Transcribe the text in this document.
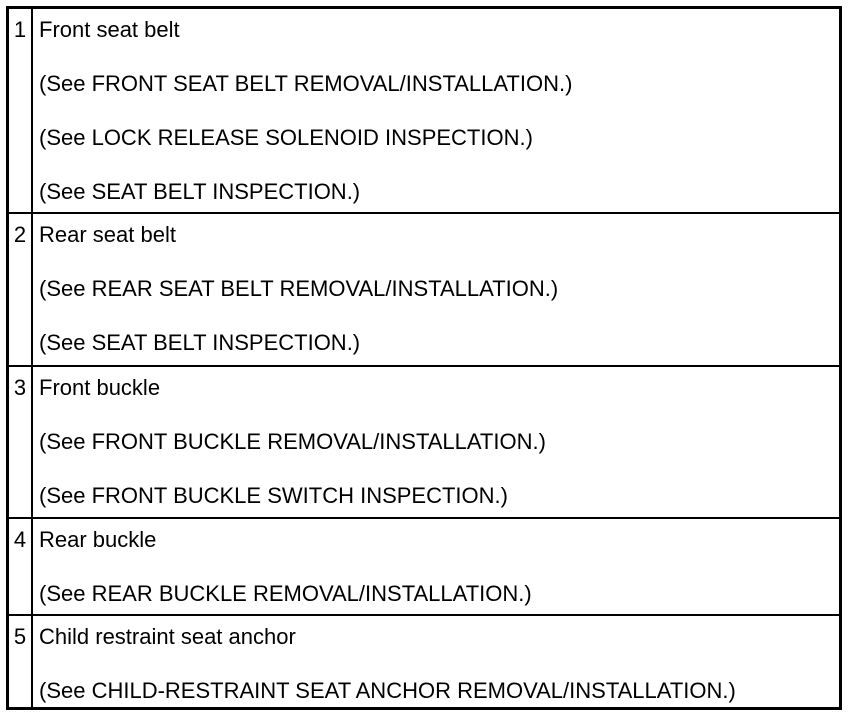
1 Front seat belt
(See FRONT SEAT BELT REMOVAL/INSTALLATION.)
(See LOCK RELEASE SOLENOID INSPECTION.)
(See SEAT BELT INSPECTION.)
2 Rear seat belt
(See REAR SEAT BELT REMOVAL/INSTALLATION.)
(See SEAT BELT INSPECTION.)
3 Front buckle
(See FRONT BUCKLE REMOVAL/INSTALLATION.)
(See FRONT BUCKLE SWITCH INSPECTION.)
4 Rear buckle
(See REAR BUCKLE REMOVAL/INSTALLATION.)
5 Child restraint seat anchor
(See CHILD-RESTRAINT SEAT ANCHOR REMOVAL/INSTALLATION.)
